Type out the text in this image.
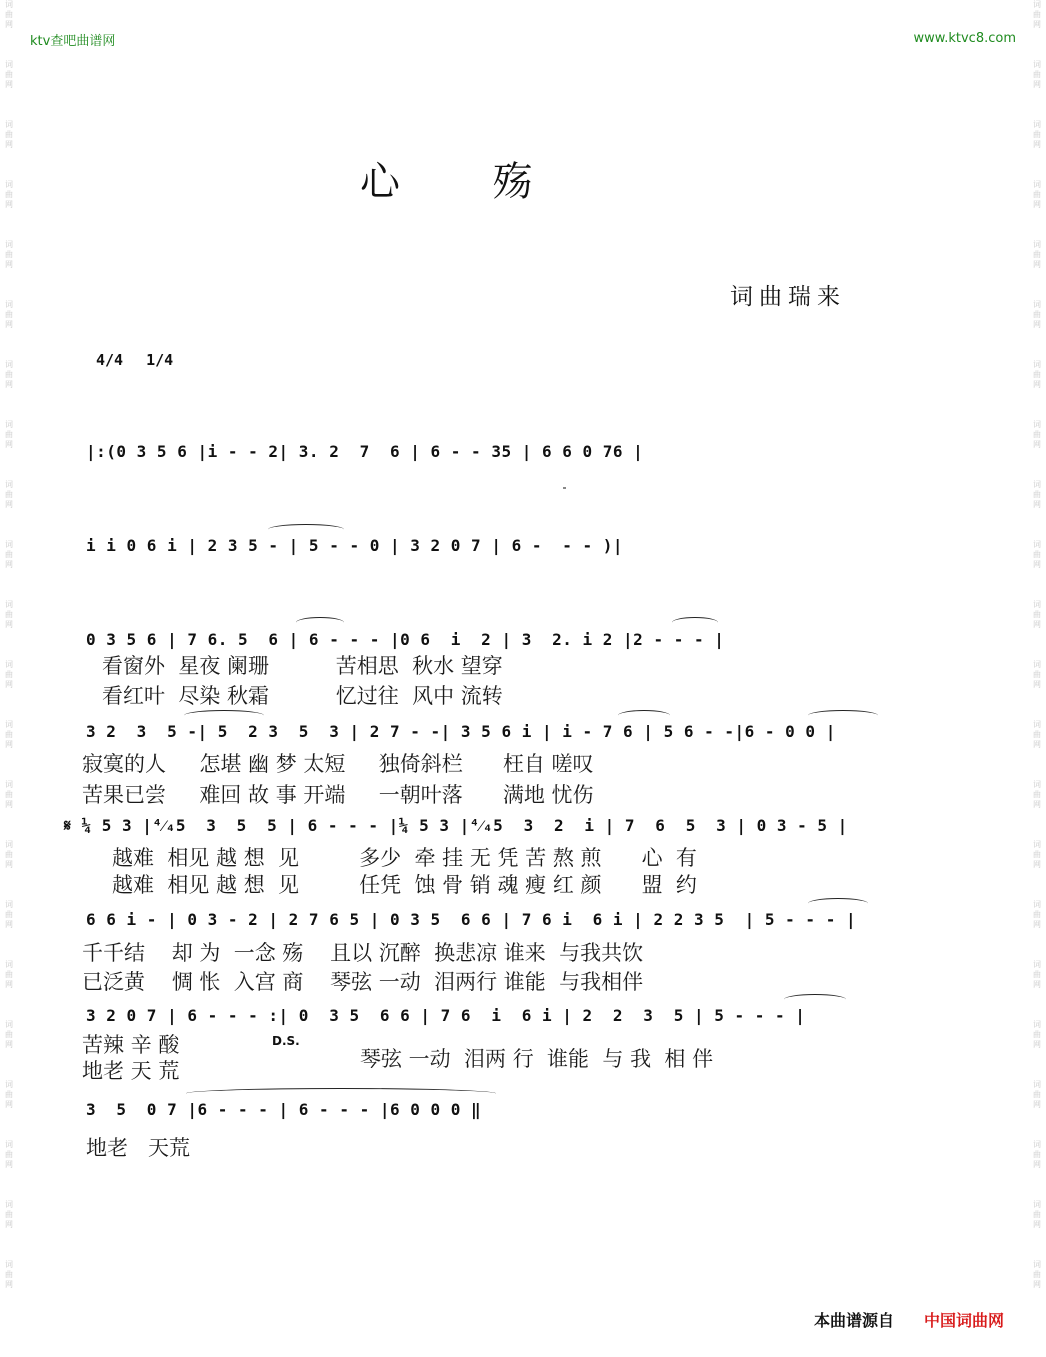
词曲网
词曲网
词曲网
词曲网
词曲网
词曲网
词曲网
词曲网
词曲网
词曲网
词曲网
词曲网
词曲网
词曲网
词曲网
词曲网
词曲网
词曲网
词曲网
词曲网
词曲网
词曲网
词曲网
词曲网
词曲网
词曲网
词曲网
词曲网
词曲网
词曲网
词曲网
词曲网
词曲网
词曲网
词曲网
词曲网
词曲网
词曲网
词曲网
词曲网
词曲网
词曲网
词曲网
词曲网
ktv查吧曲谱网	www.ktvc8.com
心 殇
词曲瑞来
4/4 1/4
|:(0 3 5 6 |i - - 2| 3. 2  7  6 | 6 - - 35 | 6 6 0 76 |
i i 0 6 i | 2 3 5 - | 5 - - 0 | 3 2 0 7 | 6 -  - - )|
0 3 5 6 | 7 6. 5  6 | 6 - - - |0 6  i  2 | 3  2. i 2 |2 - - - |
看窗外  星夜 阑珊          苦相思  秋水 望穿
看红叶  尽染 秋霜          忆过往  风中 流转
3 2  3  5 -| 5  2 3  5  3 | 2 7 - -| 3 5 6 i | i - 7 6 | 5 6 - -|6 - 0 0 |
寂寞的人     怎堪 幽 梦 太短     独倚斜栏      枉自 嗟叹
苦果已尝     难回 故 事 开端     一朝叶落      满地 忧伤
𝄋 ¼ 5 3 |⁴⁄₄5  3  5  5 | 6 - - - |¼ 5 3 |⁴⁄₄5  3  2  i | 7  6  5  3 | 0 3 - 5 |
越难  相见 越 想  见         多少  牵 挂 无 凭 苦 熬 煎      心  有
越难  相见 越 想  见         任凭  蚀 骨 销 魂 瘦 红 颜      盟  约
6 6 i - | 0 3 - 2 | 2 7 6 5 | 0 3 5  6 6 | 7 6 i  6 i | 2 2 3 5  | 5 - - - |
千千结    却 为  一念 殇    且以 沉醉  换悲凉 谁来  与我共饮
已泛黄    惆 怅  入宫 商    琴弦 一动  泪两行 谁能  与我相伴
3 2 0 7 | 6 - - - :| 0  3 5  6 6 | 7 6  i  6 i | 2  2  3  5 | 5 - - - |
苦辣 辛 酸	D.S.
地老 天 荒	琴弦 一动  泪两 行  谁能  与 我  相 伴
3  5  0 7 |6 - - - | 6 - - - |6 0 0 0 ‖
地老   天荒
本曲谱源自 中国词曲网
